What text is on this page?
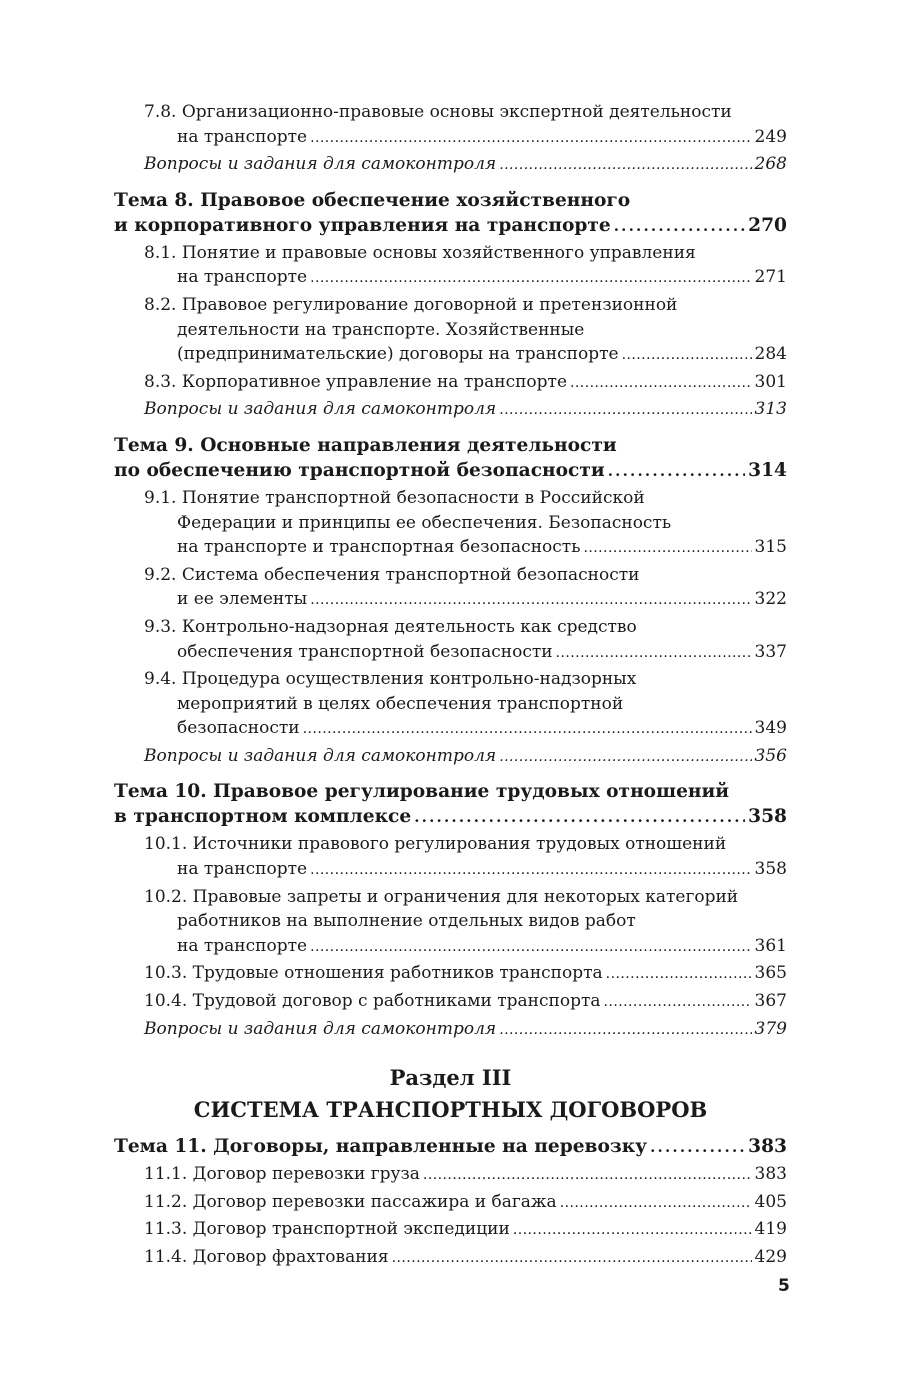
7.8. Организационно-правовые основы экспертной деятельности
на транспорте . . .	249
Вопросы и задания для самоконтроля . . .	268
Тема 8. Правовое обеспечение хозяйственного
и корпоративного управления на транспорте . . .	270
8.1. Понятие и правовые основы хозяйственного управления
на транспорте . . .	271
8.2. Правовое регулирование договорной и претензионной
деятельности на транспорте. Хозяйственные
(предпринимательские) договоры на транспорте . . .	284
8.3. Корпоративное управление на транспорте . . .	301
Вопросы и задания для самоконтроля . . .	313
Тема 9. Основные направления деятельности
по обеспечению транспортной безопасности . . .	314
9.1. Понятие транспортной безопасности в Российской
Федерации и принципы ее обеспечения. Безопасность
на транспорте и транспортная безопасность . . .	315
9.2. Система обеспечения транспортной безопасности
и ее элементы . . .	322
9.3. Контрольно-надзорная деятельность как средство
обеспечения транспортной безопасности . . .	337
9.4. Процедура осуществления контрольно-надзорных
мероприятий в целях обеспечения транспортной
безопасности . . .	349
Вопросы и задания для самоконтроля . . .	356
Тема 10. Правовое регулирование трудовых отношений
в транспортном комплексе . . .	358
10.1. Источники правового регулирования трудовых отношений
на транспорте . . .	358
10.2. Правовые запреты и ограничения для некоторых категорий
работников на выполнение отдельных видов работ
на транспорте . . .	361
10.3. Трудовые отношения работников транспорта . . .	365
10.4. Трудовой договор с работниками транспорта . . .	367
Вопросы и задания для самоконтроля . . .	379
Раздел III
СИСТЕМА ТРАНСПОРТНЫХ ДОГОВОРОВ
Тема 11. Договоры, направленные на перевозку . . .	383
11.1. Договор перевозки груза . . .	383
11.2. Договор перевозки пассажира и багажа . . .	405
11.3. Договор транспортной экспедиции . . .	419
11.4. Договор фрахтования . . .	429
5
